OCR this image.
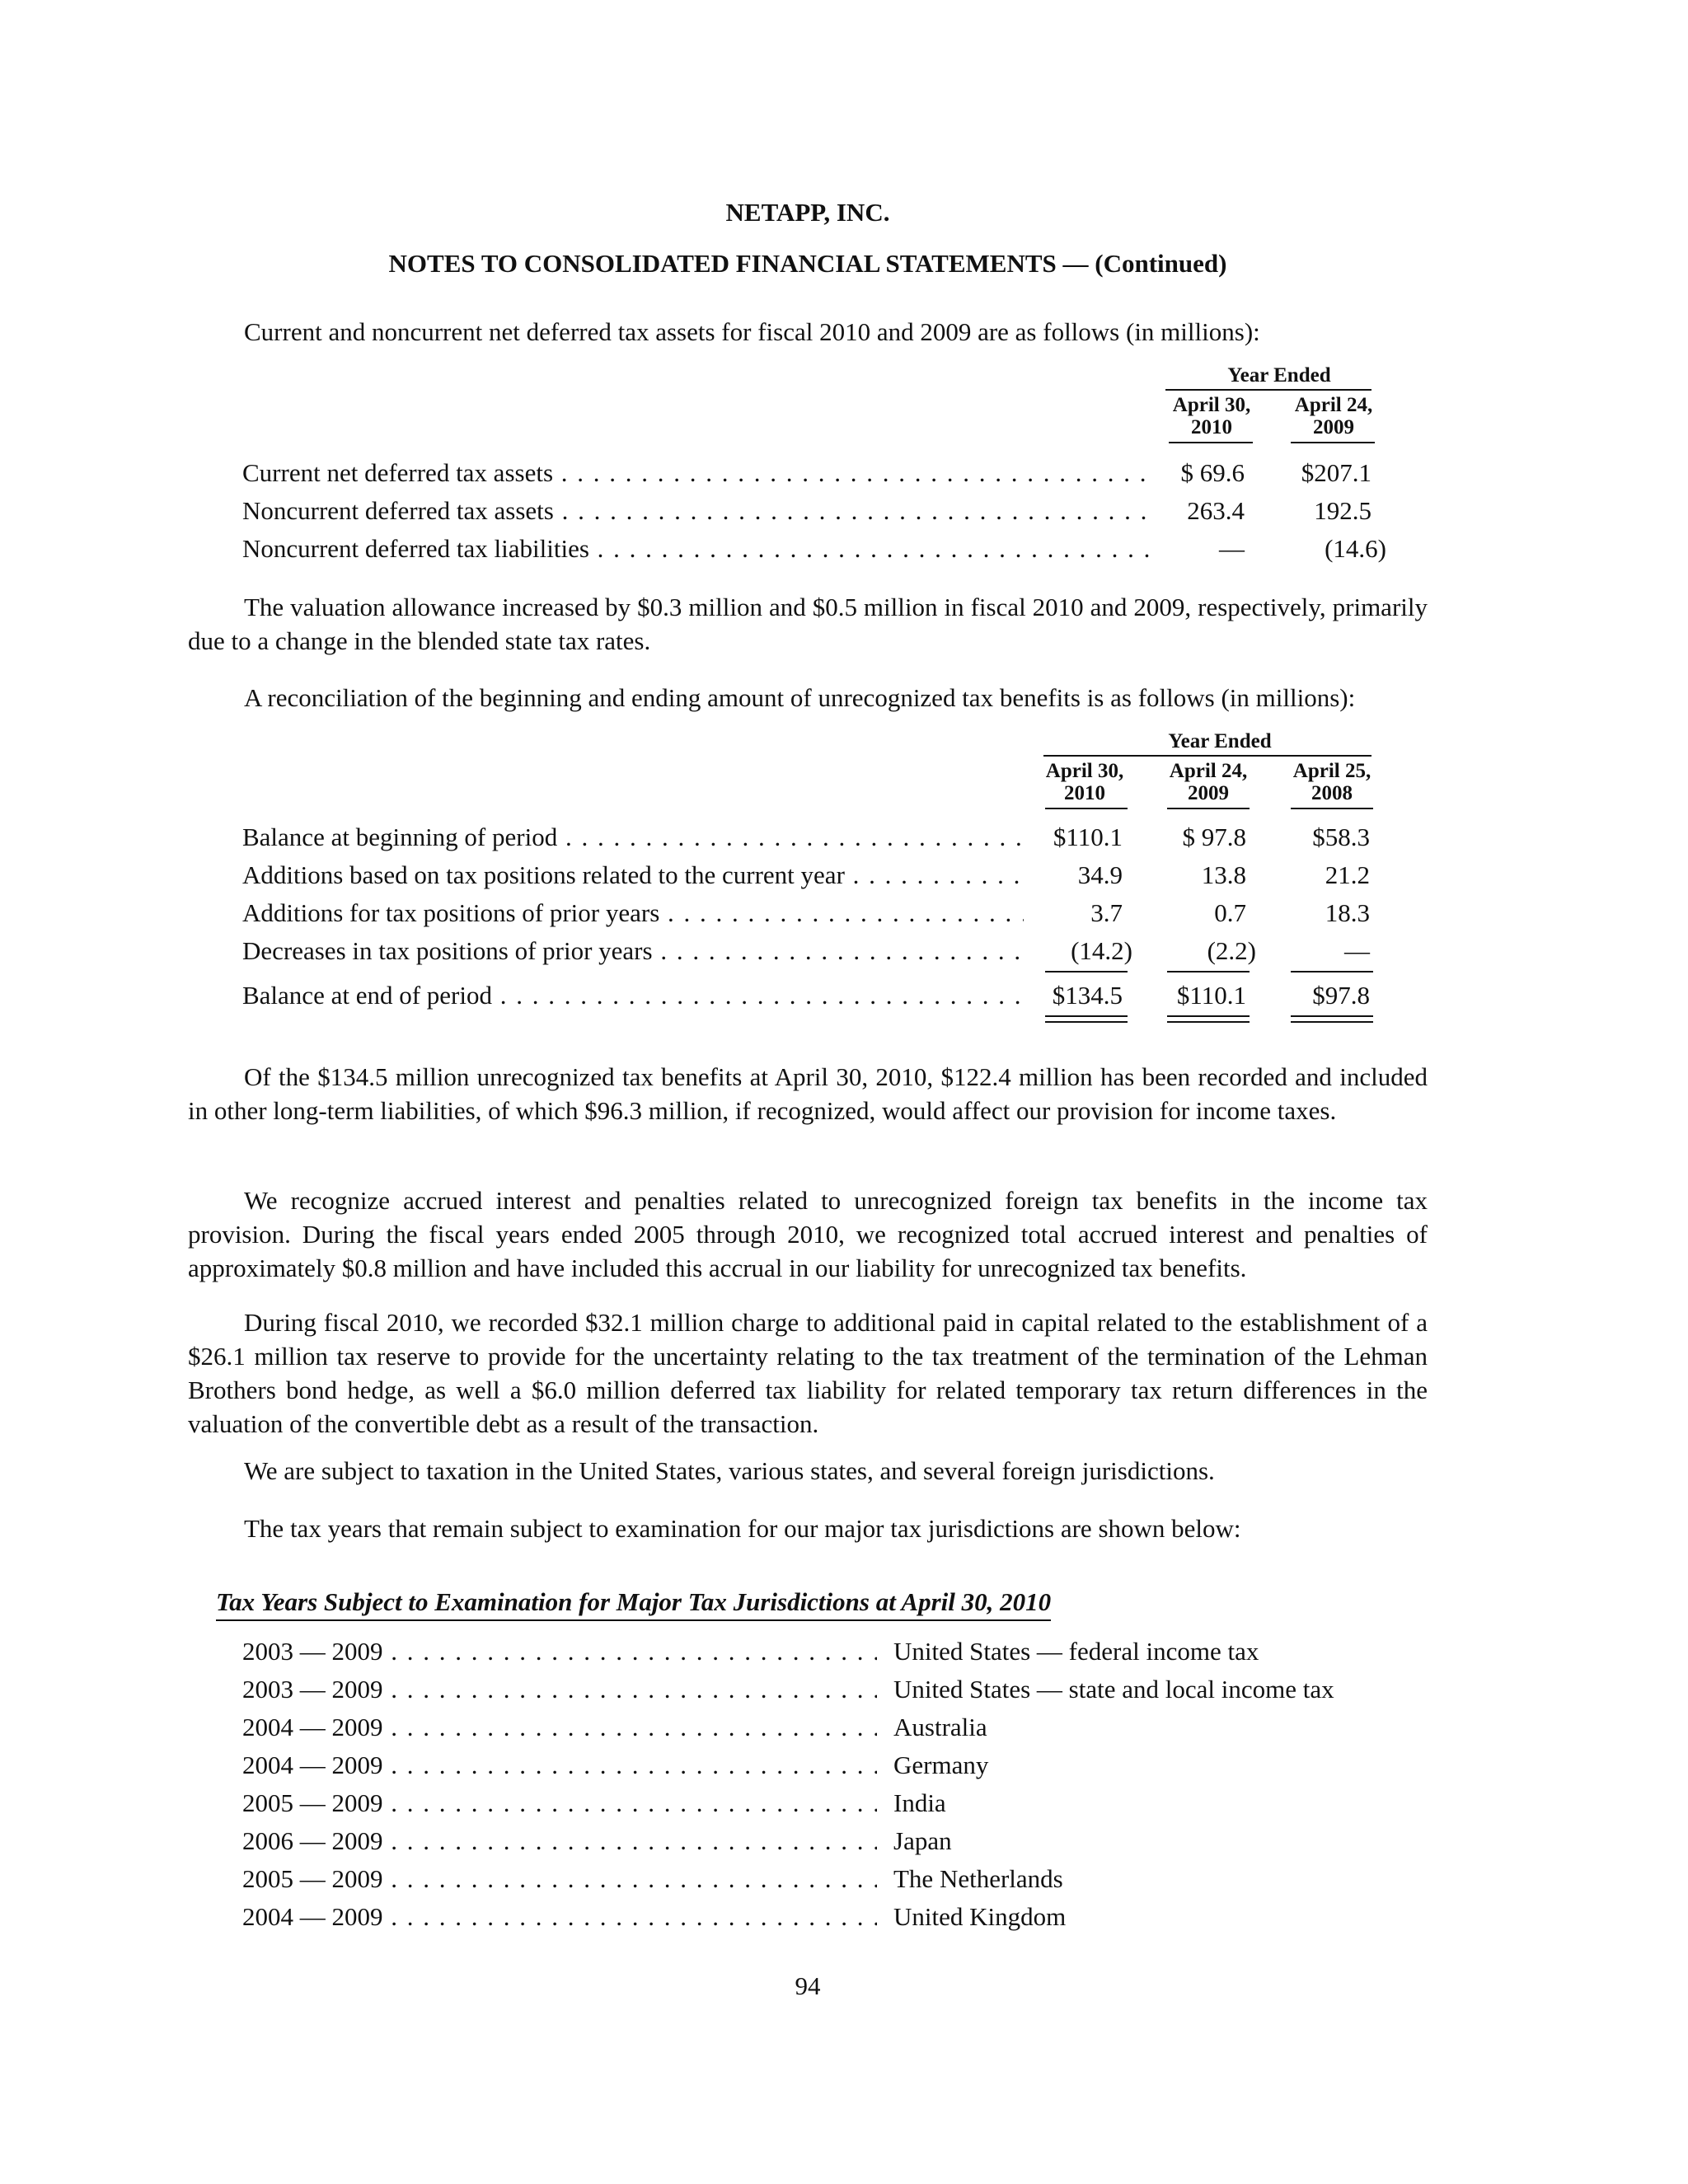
NETAPP, INC.
NOTES TO CONSOLIDATED FINANCIAL STATEMENTS — (Continued)
Current and noncurrent net deferred tax assets for fiscal 2010 and 2009 are as follows (in millions):
Year Ended
April 30,
2010
April 24,
2009
Current net deferred tax assets . . .	$ 69.6	$207.1
Noncurrent deferred tax assets . . .	263.4	192.5
Noncurrent deferred tax liabilities . . .	—	(14.6)
The valuation allowance increased by $0.3 million and $0.5 million in fiscal 2010 and 2009, respectively, primarily due to a change in the blended state tax rates.
A reconciliation of the beginning and ending amount of unrecognized tax benefits is as follows (in millions):
Year Ended
April 30,
2010
April 24,
2009
April 25,
2008
Balance at beginning of period . . .	$110.1	$ 97.8	$58.3
Additions based on tax positions related to the current year . . .	34.9	13.8	21.2
Additions for tax positions of prior years . . .	3.7	0.7	18.3
Decreases in tax positions of prior years . . .	(14.2)	(2.2)	—
Balance at end of period . . .	$134.5	$110.1	$97.8
Of the $134.5 million unrecognized tax benefits at April 30, 2010, $122.4 million has been recorded and included in other long-term liabilities, of which $96.3 million, if recognized, would affect our provision for income taxes.
We recognize accrued interest and penalties related to unrecognized foreign tax benefits in the income tax provision. During the fiscal years ended 2005 through 2010, we recognized total accrued interest and penalties of approximately $0.8 million and have included this accrual in our liability for unrecognized tax benefits.
During fiscal 2010, we recorded $32.1 million charge to additional paid in capital related to the establishment of a $26.1 million tax reserve to provide for the uncertainty relating to the tax treatment of the termination of the Lehman Brothers bond hedge, as well a $6.0 million deferred tax liability for related temporary tax return differences in the valuation of the convertible debt as a result of the transaction.
We are subject to taxation in the United States, various states, and several foreign jurisdictions.
The tax years that remain subject to examination for our major tax jurisdictions are shown below:
Tax Years Subject to Examination for Major Tax Jurisdictions at April 30, 2010
2003 — 2009 . . .	United States — federal income tax
2003 — 2009 . . .	United States — state and local income tax
2004 — 2009 . . .	Australia
2004 — 2009 . . .	Germany
2005 — 2009 . . .	India
2006 — 2009 . . .	Japan
2005 — 2009 . . .	The Netherlands
2004 — 2009 . . .	United Kingdom
94
